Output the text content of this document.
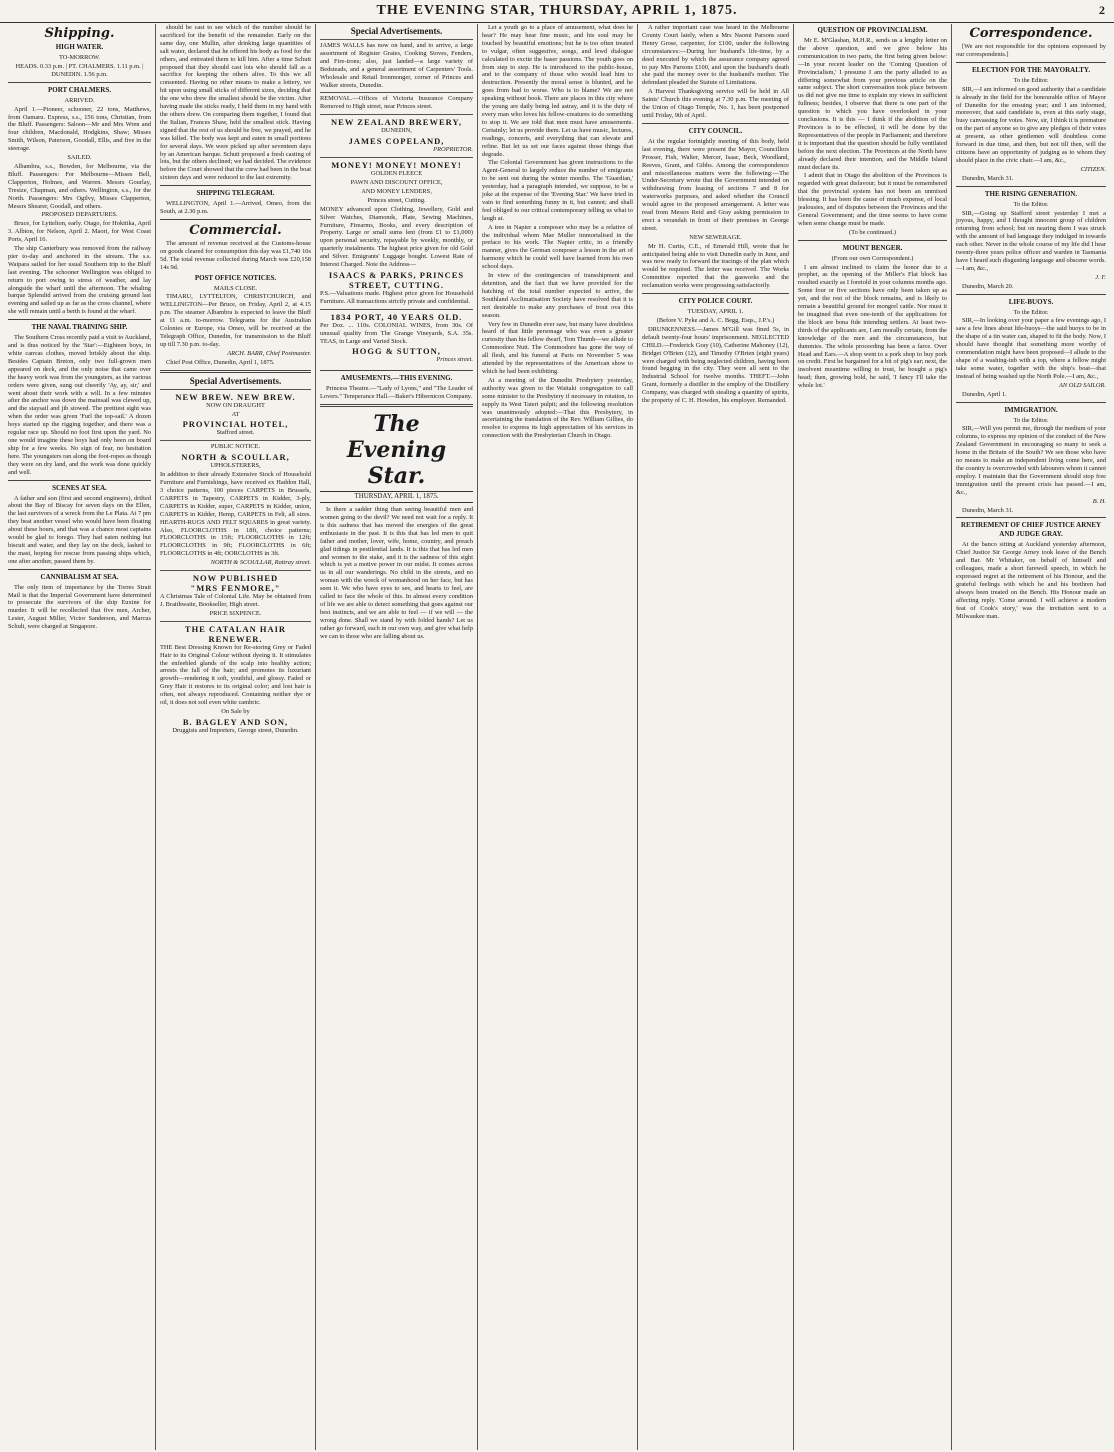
THE EVENING STAR, THURSDAY, APRIL 1, 1875.	2
Shipping.
HIGH WATER.

TO-MORROW.

HEADS. 0.33 p.m. | PT. CHALMERS. 1.11 p.m. | DUNEDIN. 1.56 p.m.

PORT CHALMERS.

ARRIVED.

April 1.—Pioneer, schooner, 22 tons, Matthews, from Oamaru. Express, s.s., 156 tons, Christian, from the Bluff. Passengers: Saloon—Mr and Mrs Wren and four children, Macdonald, Hodgkins, Shaw; Misses Smith, Wilson, Paterson, Goodall, Ellis, and five in the steerage.

SAILED.

Albambra, s.s., Bowden, for Melbourne, via the Bluff. Passengers: For Melbourne—Misses Bell, Clapperton, Holmes, and Warren. Messrs Gourlay, Tresize, Chapman, and others. Wellington, s.s., for the North. Passengers: Mrs Ogilvy, Misses Clapperton, Messrs Shearer, Goodall, and others.

PROPOSED DEPARTURES.

Bruce, for Lyttelton, early. Otago, for Hokitika, April 3. Albion, for Nelson, April 2. Maori, for West Coast Ports, April 16.

The ship Canterbury was removed from the railway pier to-day and anchored in the stream. The s.s. Waipara sailed for her usual Southern trip to the Bluff last evening. The schooner Wellington was obliged to return to port owing to stress of weather, and lay alongside the wharf until the afternoon. The whaling barque Splendid arrived from the cruising ground last evening and sailed up as far as the cross channel, where she will remain until a berth is found at the wharf.

THE NAVAL TRAINING SHIP.

The Southern Cross recently paid a visit to Auckland, and is thus noticed by the 'Star':—Eighteen boys, in white canvas clothes, moved briskly about the ship. Besides Captain Breton, only two full-grown men appeared on deck, and the only noise that came over the heavy work was from the youngsters, as the various orders were given, sung out cheerily 'Ay, ay, sir,' and went about their work with a will. In a few minutes after the anchor was down the mainsail was clewed up, and the staysail and jib stowed. The prettiest sight was when the order was given 'Furl the top-sail.' A dozen boys started up the rigging together, and there was a regular race up. Should no foot first upon the yard. No one would imagine these boys had only been on board ship for a few weeks. No sign of fear, no hesitation here. The youngsters ran along the foot-ropes as though they were on dry land, and the work was done quickly and well.

SCENES AT SEA.

A father and son (first and second engineers), drifted about the Bay of Biscay for seven days on the Ellen, the last survivors of a wreck from the Le Plata. At 7 pm they beat another vessel who would have been floating about these hours, and that was a chance most captains would be glad to forego. They had eaten nothing but biscuit and water, and they lay on the deck, lashed to the mast, hoping for rescue from passing ships which, one after another, passed them by.

CANNIBALISM AT SEA.

The only item of importance by the Torres Strait Mail is that the Imperial Government have determined to prosecute the survivors of the ship Euxine for murder. It will be recollected that five men, Archer, Lester, August Miller, Victor Sanderson, and Marcus Schult, were charged at Singapore.

should be cast to see which of the number should be sacrificed for the benefit of the remainder. Early on the same day, one Mullin, after drinking large quantities of salt water, declared that he offered his body as food for the others, and entreated them to kill him. After a time Schutt proposed that they should cast lots who should fall as a sacrifice for keeping the others alive. To this we all consented. Having no other means to make a lottery, we hit upon using small sticks of different sizes, deciding that the one who drew the smallest should be the victim. After having made the sticks ready, I held them in my hand with the others drew. On comparing them together, I found that the Italian, Frances Shaw, held the smallest stick. Having signed that the rest of us should be free, we prayed, and he was killed. The body was kept and eaten in small portions for several days. We were picked up after seventeen days by an American barque. Schutt proposed a fresh casting of lots, but the others declined; we had decided. The evidence before the Court showed that the crew had been in the boat sixteen days and were reduced to the last extremity.

SHIPPING TELEGRAM.

WELLINGTON, April 1.—Arrived, Omeo, from the South, at 2.30 p.m.

Commercial.

The amount of revenue received at the Customs-house on goods cleared for consumption this day was £1,740 10s 5d. The total revenue collected during March was £20,158 14s 9d.

POST OFFICE NOTICES.

MAILS CLOSE.

TIMARU, LYTTELTON, CHRISTCHURCH, and WELLINGTON—Per Bruce, on Friday, April 2, at 4.15 p.m. The steamer Albambra is expected to leave the Bluff at 11 a.m. to-morrow. Telegrams for the Australian Colonies or Europe, via Omeo, will be received at the Telegraph Office, Dunedin, for transmission to the Bluff up till 7.30 p.m. to-day.

ARCH. BARR, Chief Postmaster.

Chief Post Office, Dunedin, April 1, 1875.

Special Advertisements.
NEW BREW. NEW BREW.

NOW ON DRAUGHT

AT

PROVINCIAL HOTEL,

Stafford street.

PUBLIC NOTICE.

NORTH & SCOULLAR,

UPHOLSTERERS,

In addition to their already Extensive Stock of Household Furniture and Furnishings, have received ex Haddon Hall, 3 choice patterns, 100 pieces CARPETS in Brussels, CARPETS in Tapestry, CARPETS in Kidder, 3-ply, CARPETS in Kidder, super, CARPETS in Kidder, union, CARPETS in Kidder, Hemp, CARPETS in Felt, all sizes. HEARTH-RUGS AND FELT SQUARES in great variety. Also, FLOORCLOTHS in 18ft, choice patterns; FLOORCLOTHS in 15ft; FLOORCLOTHS in 12ft; FLOORCLOTHS in 9ft; FLOORCLOTHS in 6ft; FLOORCLOTHS in 4ft; OORCLOTHS in 3ft.

NORTH & SCOULLAR, Rattray street.

NOW PUBLISHED
"MRS FENMORE,"

A Christmas Tale of Colonial Life. May be obtained from J. Braithwaite, Bookseller, High street.

PRICE SIXPENCE.

THE CATALAN HAIR RENEWER.

THE Best Dressing Known for Re-storing Grey or Faded Hair to its Original Colour without dyeing it. It stimulates the enfeebled glands of the scalp into healthy action; arrests the fall of the hair; and promotes its luxuriant growth—rendering it soft, youthful, and glossy. Faded or Grey Hair it restores to its original color; and lost hair is often, not always reproduced. Containing neither dye or oil, it does not soil even white cambric.

On Sale by

B. BAGLEY AND SON,

Druggists and Importers, George street, Dunedin.

Special Advertisements.

JAMES WALLS has now on hand, and to arrive, a large assortment of Register Grates, Cooking Stoves, Fenders, and Fire-irons; also, just landed—a large variety of Bedsteads, and a general assortment of Carpenters' Tools. Wholesale and Retail Ironmonger, corner of Princes and Walker streets, Dunedin.

REMOVAL.—Offices of Victoria Insurance Company Removed to High street, near Princes street.

NEW ZEALAND BREWERY,

DUNEDIN,

JAMES COPELAND,

PROPRIETOR.

MONEY! MONEY! MONEY!

GOLDEN FLEECE

PAWN AND DISCOUNT OFFICE,

AND MONEY LENDERS,

Princes street, Cutting.

MONEY advanced upon Clothing, Jewellery, Gold and Silver Watches, Diamonds, Plate, Sewing Machines, Furniture, Firearms, Books, and every description of Property. Large or small sums lent (from £1 to £1,000) upon personal security, repayable by weekly, monthly, or quarterly instalments. The highest price given for old Gold and Silver. Emigrants' Luggage bought. Lowest Rate of Interest Charged. Note the Address—

ISAACS & PARKS, PRINCES STREET, CUTTING.

P.S.—Valuations made. Highest price given for Household Furniture. All transactions strictly private and confidential.

1834 PORT, 40 YEARS OLD.

Per Doz. ... 110s. COLONIAL WINES, from 30s. Of unusual quality from The Grange Vineyards, S.A. 35s. TEAS, in Large and Varied Stock.

HOGG & SUTTON,

Princes street.

AMUSEMENTS.—THIS EVENING.

Princess Theatre.—"Lady of Lyons," and "The Leader of Lovers." Temperance Hall.—Baker's Hibernicon Company.

The Evening Star.
THURSDAY, APRIL 1, 1875.

Is there a sadder thing than seeing beautiful men and women going to the devil? We need not wait for a reply. It is this sadness that has moved the energies of the great enthusiasts in the past. It is this that has led men to quit father and mother, lover, wife, home, country, and preach glad tidings in pestilential lands. It is this that has led men and women to the stake, and it is the sadness of this sight which is yet a motive power in our midst. It comes across us in all our wanderings. No child in the streets, and no woman with the wreck of womanhood on her face, but has seen it. We who have eyes to see, and hearts to feel, are called to face the whole of this. In almost every condition of life we are able to detect something that goes against our best instincts, and we are able to feel — if we will — the wrong done. Shall we stand by with folded hands? Let us rather go forward, each in our own way, and give what help we can to those who are falling about us.

Let a youth go to a place of amusement, what does he hear? He may hear fine music, and his soul may be touched by beautiful emotions; but he is too often treated to vulgar, often suggestive, songs, and lewd dialogue calculated to excite the baser passions. The youth goes on from step to step. He is introduced to the public-house, and to the company of those who would lead him to destruction. Presently the moral sense is blunted, and he goes from bad to worse. Who is to blame? We are not speaking without book. There are places in this city where the young are daily being led astray, and it is the duty of every man who loves his fellow-creatures to do something to stop it. We are told that men must have amusements. Certainly; let us provide them. Let us have music, lectures, readings, concerts, and everything that can elevate and refine. But let us set our faces against those things that degrade.

The Colonial Government has given instructions to the Agent-General to largely reduce the number of emigrants to be sent out during the winter months. The 'Guardian,' yesterday, had a paragraph intended, we suppose, to be a joke at the expense of the 'Evening Star.' We have tried in vain to find something funny in it, but cannot; and shall feel obliged to our critical contemporary telling us what to laugh at.

A tree in Napier a composer who may be a relative of the individual whom Mae Muller immortalised in the preface to his work. The Napier critic, in a friendly manner, gives the German composer a lesson in the art of harmony which he could well have learned from his own school days.

In view of the contingencies of transshipment and detention, and the fact that we have provided for the hatching of the total number expected to arrive, the Southland Acclimatisation Society have resolved that it is not desirable to make any purchases of trout ova this season.

Very few in Dunedin ever saw, but many have doubtless heard of that little personage who was even a greater curiosity than his fellow dwarf, Tom Thumb—we allude to Commodore Nutt. The Commodore has gone the way of all flesh, and his funeral at Paris on November 5 was attended by the representatives of the American show to which he had been exhibiting.

At a meeting of the Dunedin Presbytery yesterday, authority was given to the Waitaki congregation to call some minister to the Presbytery if necessary in rotation, to supply its West Taieri pulpit; and the following resolution was unanimously adopted:—That this Presbytery, in ascertaining the translation of the Rev. William Gillies, do resolve to express its high appreciation of his services in connection with the Presbyterian Church in Otago.

A rather important case was heard in the Melbourne County Court lately, when a Mrs Naomi Parsons sued Henry Grose, carpenter, for £100, under the following circumstances:—During her husband's life-time, by a deed executed by which the assurance company agreed to pay Mrs Parsons £100, and upon the husband's death she paid the money over to the husband's mother. The defendant pleaded the Statute of Limitations.

A Harvest Thanksgiving service will be held in All Saints' Church this evening at 7.30 p.m. The meeting of the Union of Otago Temple, No. 1, has been postponed until Friday, 9th of April.

CITY COUNCIL.

At the regular fortnightly meeting of this body, held last evening, there were present the Mayor, Councillors Prosser, Fish, Walter, Mercer, Isaac, Beck, Woodland, Reeves, Grant, and Gibbs. Among the correspondence and miscellaneous matters were the following:—The Under-Secretary wrote that the Government intended on withdrawing from leasing of sections 7 and 8 for waterworks purposes, and asked whether the Council would agree to the proposed arrangement. A letter was read from Messrs Reid and Gray asking permission to erect a verandah in front of their premises in George street.

NEW SEWERAGE.

Mr H. Curtis, C.E., of Emerald Hill, wrote that he anticipated being able to visit Dunedin early in June, and was now ready to forward the tracings of the plan which would be required. The letter was received. The Works Committee reported that the gasworks and the reclamation works were progressing satisfactorily.

CITY POLICE COURT.

TUESDAY, APRIL 1.

(Before V. Pyke and A. C. Begg, Esqs., J.P.'s.)

DRUNKENNESS.—James M'Gill was fined 5s, in default twenty-four hours' imprisonment. NEGLECTED CHILD.—Frederick Gray (10), Catherine Mahoney (12), Bridget O'Brien (12), and Timothy O'Brien (eight years) were charged with being neglected children, having been found begging in the city. They were all sent to the Industrial School for twelve months. THEFT.—John Grant, formerly a distiller in the employ of the Distillery Company, was charged with stealing a quantity of spirits, the property of C. H. Howden, his employer. Remanded.

QUESTION OF PROVINCIALISM.

Mr E. M'Glashan, M.H.R., sends us a lengthy letter on the above question, and we give below his communication in two parts, the first being given below:—In your recent leader on the 'Coming Question of Provincialism,' I presume I am the party alluded to as differing somewhat from your previous article on the same subject. The short conversation took place between us did not give me time to explain my views in sufficient fullness; besides, I observe that there is one part of the question to which you have overlooked in your conclusions. It is this — I think if the abolition of the Provinces is to be effected, it will be done by the Representatives of the people in Parliament; and therefore it is important that the question should be fully ventilated before the next election. The Provinces at the North have already declared their intention, and the Middle Island must declare its.

I admit that in Otago the abolition of the Provinces is regarded with great disfavour; but it must be remembered that the provincial system has not been an unmixed blessing. It has been the cause of much expense, of local jealousies, and of disputes between the Provinces and the General Government; and the time seems to have come when some change must be made.

(To be continued.)

MOUNT BENGER.

(From our own Correspondent.)

I am almost inclined to claim the honor due to a prophet, as the opening of the Miller's Flat block has resulted exactly as I foretold in your columns months ago. Some four or five sections have only been taken up as yet, and the rest of the block remains, and is likely to remain a beautiful ground for mongrel cattle. Nor must it be imagined that even one-tenth of the applications for the block are bona fide intending settlers. At least two-thirds of the applicants are, I am morally certain, from the knowledge of the men and the circumstances, but dummies. The whole proceeding has been a farce. Over Head and Ears.—A shop went to a pork shop to buy pork on credit. First he bargained for a bit of pig's ear; next, the insolvent meantime willing to trust, he bought a pig's head; then, growing bold, he said, 'I fancy I'll take the whole lot.'

Correspondence.

[We are not responsible for the opinions expressed by our correspondents.]

ELECTION FOR THE MAYORALTY.

To the Editor.

SIR,—I am informed on good authority that a candidate is already in the field for the honourable office of Mayor of Dunedin for the ensuing year; and I am informed, moreover, that said candidate is, even at this early stage, busy canvassing for votes. Now, sir, I think it is premature on the part of anyone so to give any pledges of their votes at present, as other gentlemen will doubtless come forward in due time, and then, but not till then, will the citizens have an opportunity of judging as to whom they should place in the civic chair.—I am, &c.,

CITIZEN.

Dunedin, March 31.

THE RISING GENERATION.

To the Editor.

SIR,—Going up Stafford street yesterday I met a joyous, happy, and I thought innocent group of children returning from school; but on nearing them I was struck with the amount of bad language they indulged in towards each other. Never in the whole course of my life did I hear twenty-three years police officer and warden in Tasmania have I heard such disgusting language and obscene words.—I am, &c.,

J. F.

Dunedin, March 20.

LIFE-BUOYS.

To the Editor.

SIR,—In looking over your paper a few evenings ago, I saw a few lines about life-buoys—the said buoys to be in the shape of a tin water can, shaped to fit the body. Now, I should have thought that something more worthy of commendation might have been proposed—I allude to the shape of a washing-tub with a top, where a fellow might take some water, together with the ship's boat—that instead of being washed up the North Pole.—I am, &c.,

AN OLD SAILOR.

Dunedin, April 1.

IMMIGRATION.

To the Editor.

SIR,—Will you permit me, through the medium of your columns, to express my opinion of the conduct of the New Zealand Government in encouraging so many to seek a home in the Britain of the South? We see those who have no means to make an independent living come here, and the country is overcrowded with labourers whom it cannot employ. I maintain that the Government should stop free immigration until the present crisis has passed.—I am, &c.,

B. H.

Dunedin, March 31.

RETIREMENT OF CHIEF JUSTICE ARNEY AND JUDGE GRAY.

At the banco sitting at Auckland yesterday afternoon, Chief Justice Sir George Arney took leave of the Bench and Bar. Mr Whitaker, on behalf of himself and colleagues, made a short farewell speech, in which he expressed regret at the retirement of his Honour, and the grateful feelings with which he and his brethren had always been treated on the Bench. His Honour made an affecting reply. 'Come around. I will achieve a modern feat of Cook's story,' was the invitation sent to a Milwaukee man.
